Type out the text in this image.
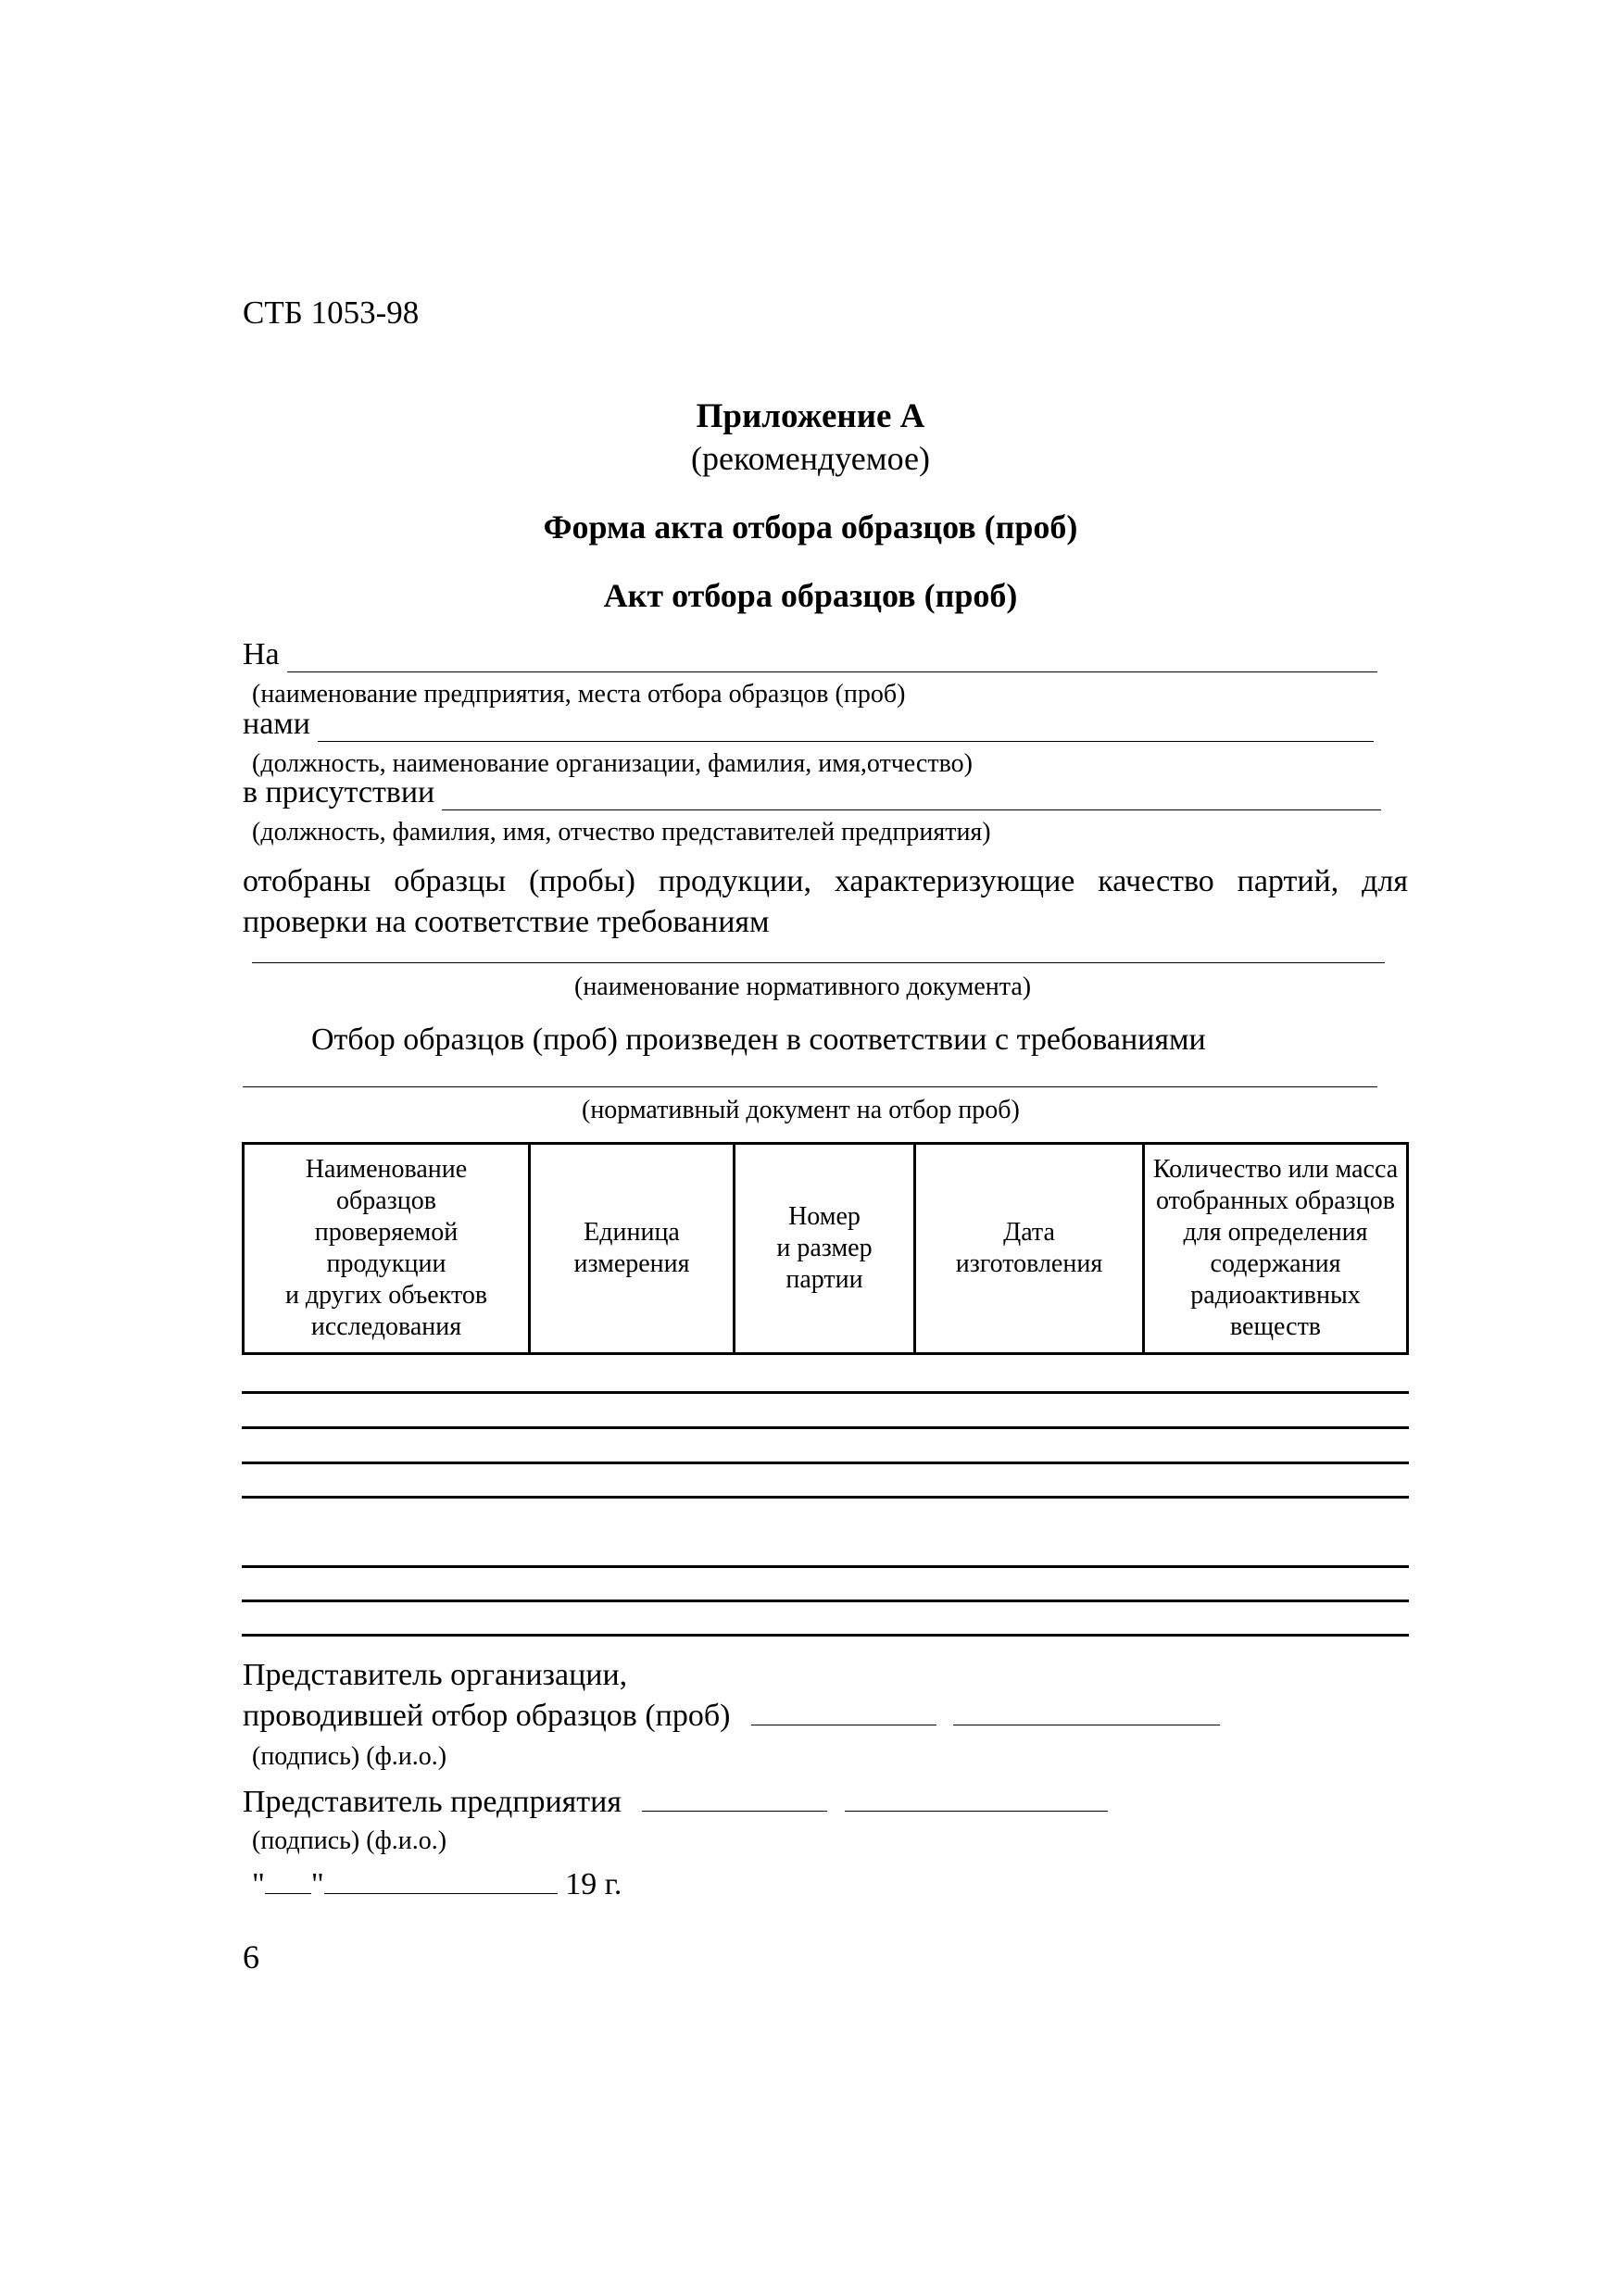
СТБ 1053-98
Приложение А
(рекомендуемое)
Форма акта отбора образцов (проб)
Акт отбора образцов (проб)
На
(наименование предприятия, места отбора образцов (проб)
нами
(должность, наименование организации, фамилия, имя,отчество)
в присутствии
(должность, фамилия, имя, отчество представителей предприятия)
отобраны образцы (пробы) продукции, характеризующие качество партий, для проверки на соответствие требованиям
(наименование нормативного документа)
Отбор образцов (проб) произведен в соответствии с требованиями
(нормативный документ на отбор проб)
Наименование
образцов
проверяемой
продукции
и других объектов
исследования	Единица
измерения	Номер
и размер
партии	Дата
изготовления	Количество или масса
отобранных образцов
для определения
содержания
радиоактивных
веществ
Представитель организации,
проводившей отбор образцов (проб)
(подпись) (ф.и.о.)
Представитель предприятия
(подпись) (ф.и.о.)
" "	19 г.
6
